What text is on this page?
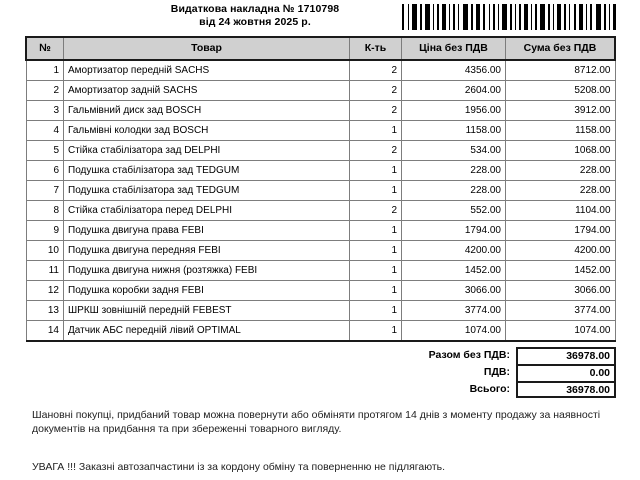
Видаткова накладна № 1710798
від 24 жовтня 2025 р.
№	Товар	К-ть	Ціна без ПДВ	Сума без ПДВ
1	Амортизатор передній SACHS	2	4356.00	8712.00
2	Амортизатор задній SACHS	2	2604.00	5208.00
3	Гальмівний диск зад BOSCH	2	1956.00	3912.00
4	Гальмівні колодки зад BOSCH	1	1158.00	1158.00
5	Стійка стабілізатора зад DELPHI	2	534.00	1068.00
6	Подушка стабілізатора зад TEDGUM	1	228.00	228.00
7	Подушка стабілізатора зад TEDGUM	1	228.00	228.00
8	Стійка стабілізатора перед DELPHI	2	552.00	1104.00
9	Подушка двигуна права FEBI	1	1794.00	1794.00
10	Подушка двигуна передняя FEBI	1	4200.00	4200.00
11	Подушка двигуна нижня (розтяжка) FEBI	1	1452.00	1452.00
12	Подушка коробки задня FEBI	1	3066.00	3066.00
13	ШРКШ зовнішній передній FEBEST	1	3774.00	3774.00
14	Датчик АБС передній лівий OPTIMAL	1	1074.00	1074.00
Разом без ПДВ:	36978.00
ПДВ:	0.00
Всього:	36978.00

Шановні покупці, придбаний товар можна повернути або обміняти протягом 14 днів з моменту продажу за наявності документів на придбання та при збереженні товарного вигляду.

УВАГА !!! Заказні автозапчастини із за кордону обміну та поверненню не підлягають.
